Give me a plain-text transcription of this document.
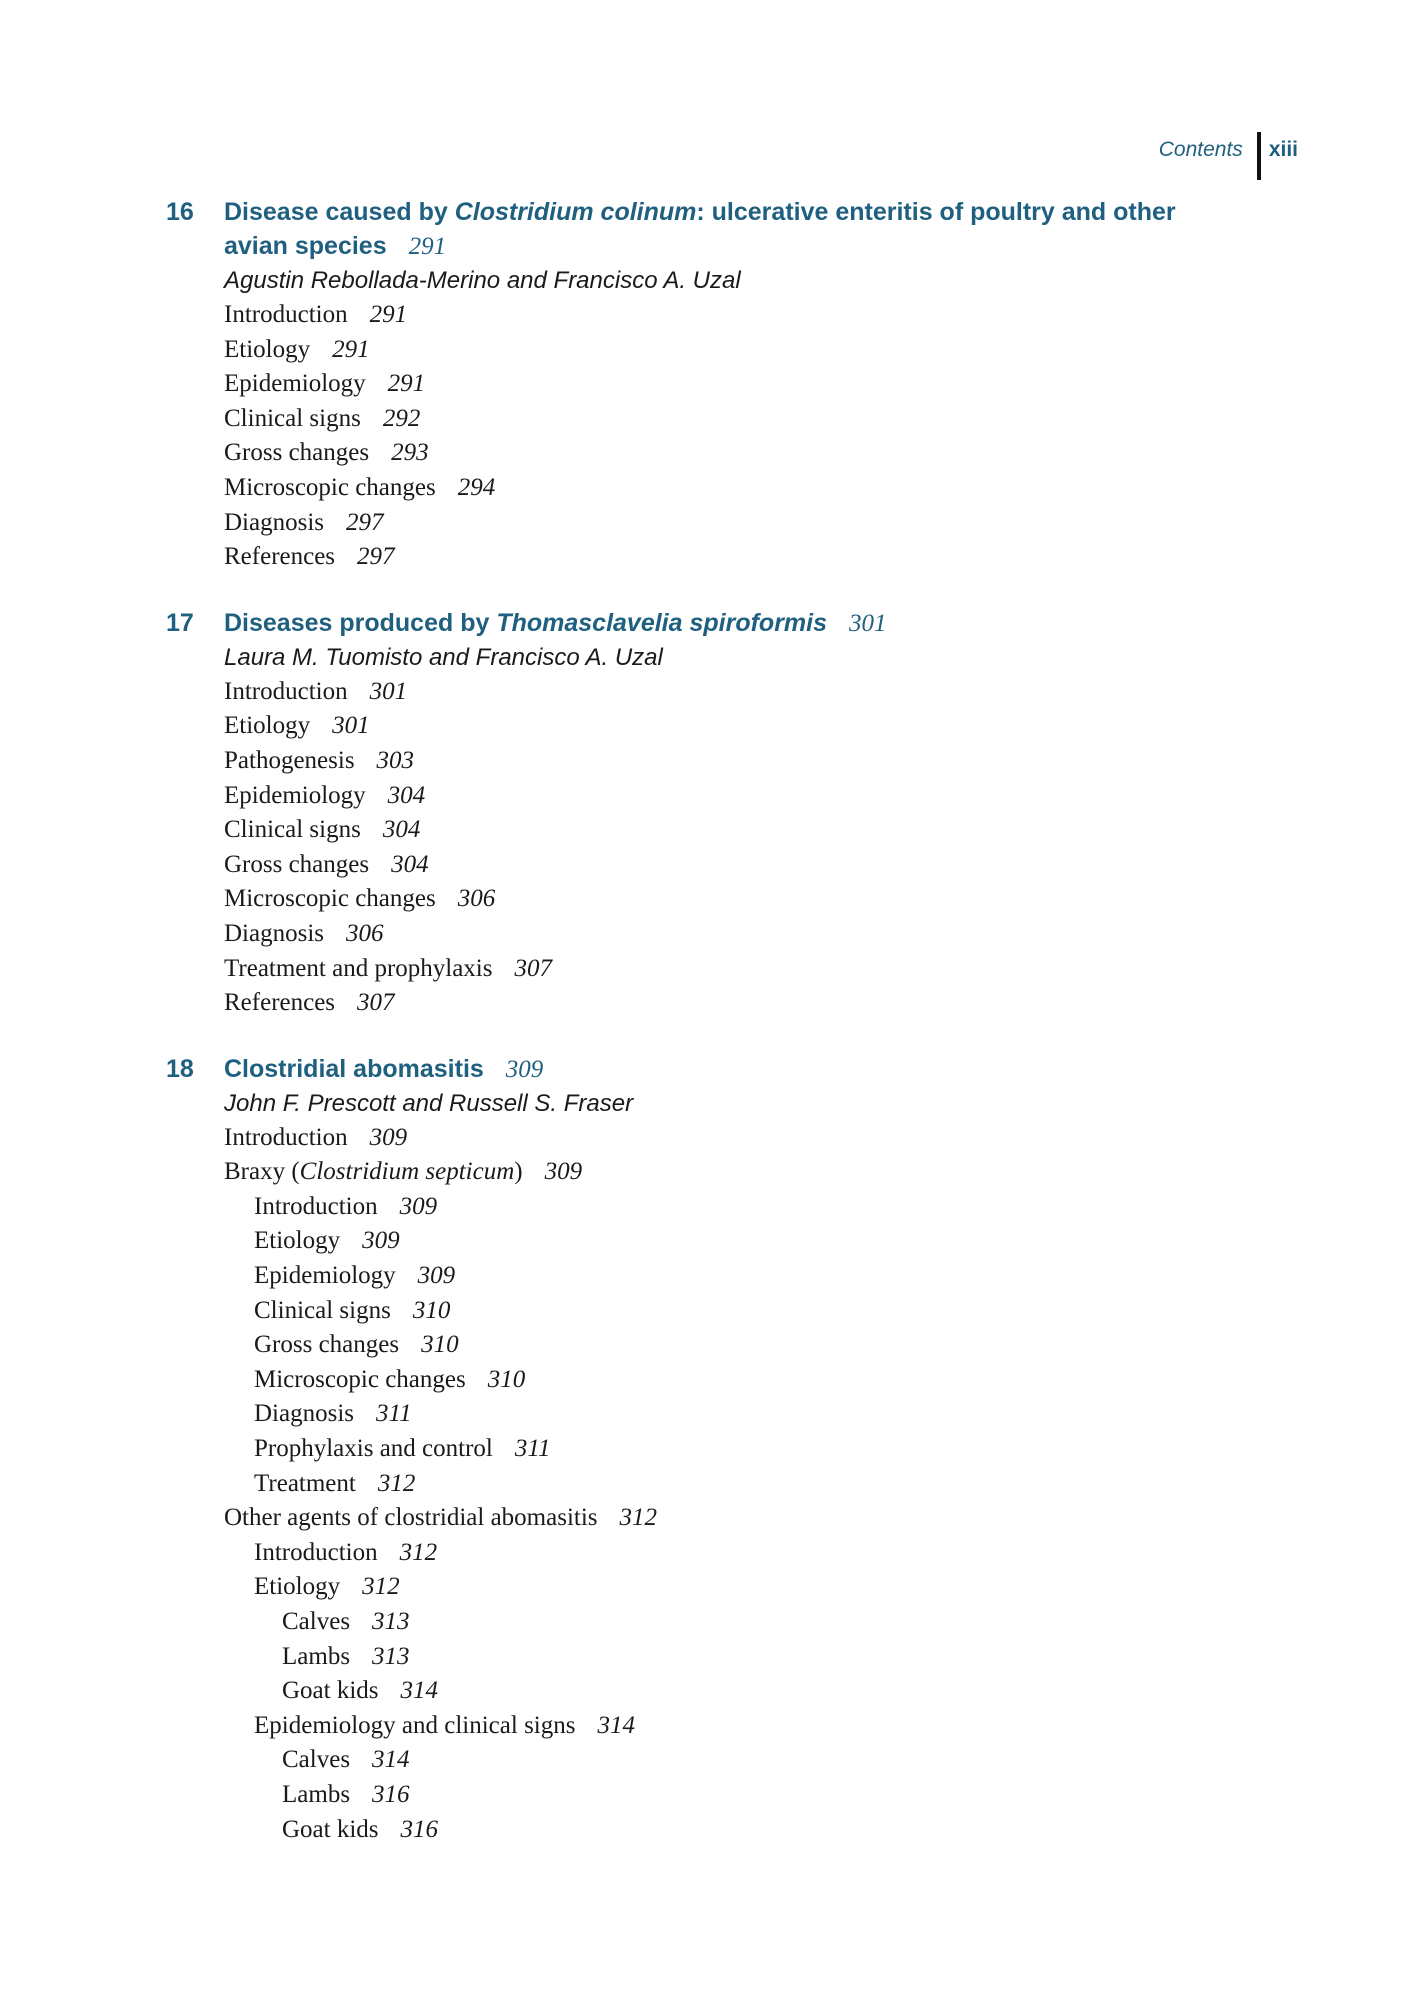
Contents	xiii
16 Disease caused by Clostridium colinum: ulcerative enteritis of poultry and other avian species 291
Agustin Rebollada-Merino and Francisco A. Uzal
Introduction 291
Etiology 291
Epidemiology 291
Clinical signs 292
Gross changes 293
Microscopic changes 294
Diagnosis 297
References 297
17 Diseases produced by Thomasclavelia spiroformis 301
Laura M. Tuomisto and Francisco A. Uzal
Introduction 301
Etiology 301
Pathogenesis 303
Epidemiology 304
Clinical signs 304
Gross changes 304
Microscopic changes 306
Diagnosis 306
Treatment and prophylaxis 307
References 307
18 Clostridial abomasitis 309
John F. Prescott and Russell S. Fraser
Introduction 309
Braxy (Clostridium septicum) 309
Introduction 309
Etiology 309
Epidemiology 309
Clinical signs 310
Gross changes 310
Microscopic changes 310
Diagnosis 311
Prophylaxis and control 311
Treatment 312
Other agents of clostridial abomasitis 312
Introduction 312
Etiology 312
Calves 313
Lambs 313
Goat kids 314
Epidemiology and clinical signs 314
Calves 314
Lambs 316
Goat kids 316
